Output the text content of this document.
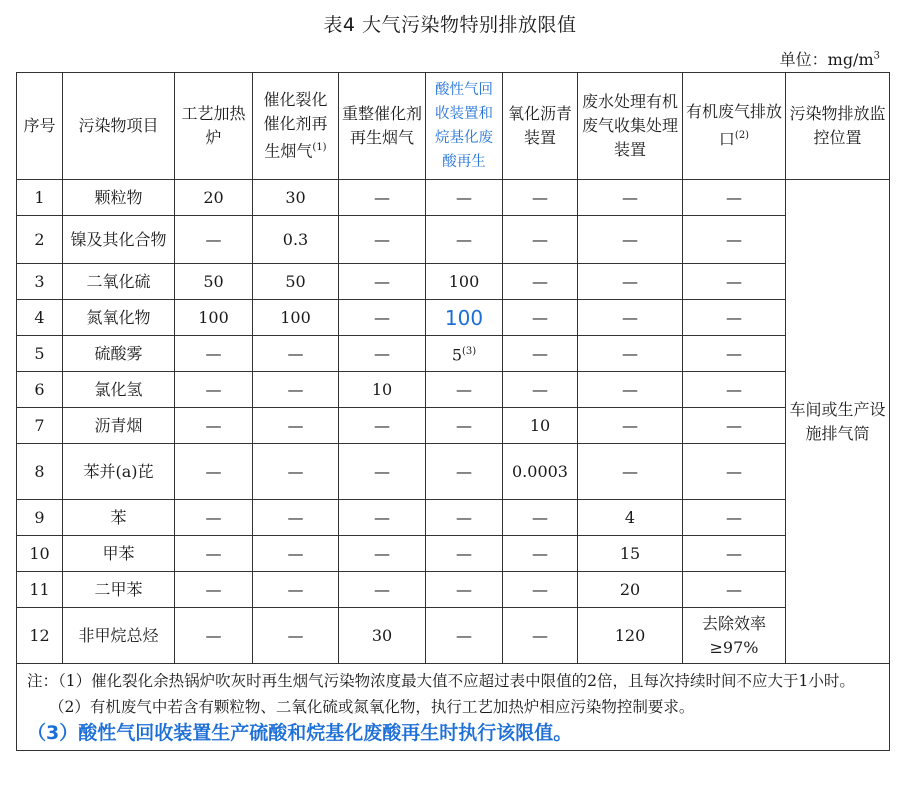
表4 大气污染物特别排放限值
单位：$mg/m^3$
序号	污染物项目	工艺加热炉	催化裂化催化剂再生烟气$^{(1)}$	重整催化剂再生烟气	酸性气回收装置和烷基化废酸再生	氧化沥青装置	废水处理有机废气收集处理装置	有机废气排放口$^{(2)}$	污染物排放监控位置
1	颗粒物	20	30	—	—	—	—	—	车间或生产设施排气筒
2	镍及其化合物	—	0.3	—	—	—	—	—	
3	二氧化硫	50	50	—	100	—	—	—	
4	氮氧化物	100	100	—	100	—	—	—	
5	硫酸雾	—	—	—	5$^{(3)}$	—	—	—	
6	氯化氢	—	—	10	—	—	—	—	
7	沥青烟	—	—	—	—	10	—	—	
8	苯并(a)芘	—	—	—	—	0.0003	—	—	
9	苯	—	—	—	—	—	4	—	
10	甲苯	—	—	—	—	—	15	—	
11	二甲苯	—	—	—	—	—	20	—	
12	非甲烷总烃	—	—	30	—	—	120	去除效率≥97%	

注：（1）催化裂化余热锅炉吹灰时再生烟气污染物浓度最大值不应超过表中限值的2倍，且每次持续时间不应大于1小时。
（2）有机废气中若含有颗粒物、二氧化硫或氮氧化物，执行工艺加热炉相应污染物控制要求。
（3）酸性气回收装置生产硫酸和烷基化废酸再生时执行该限值。									
